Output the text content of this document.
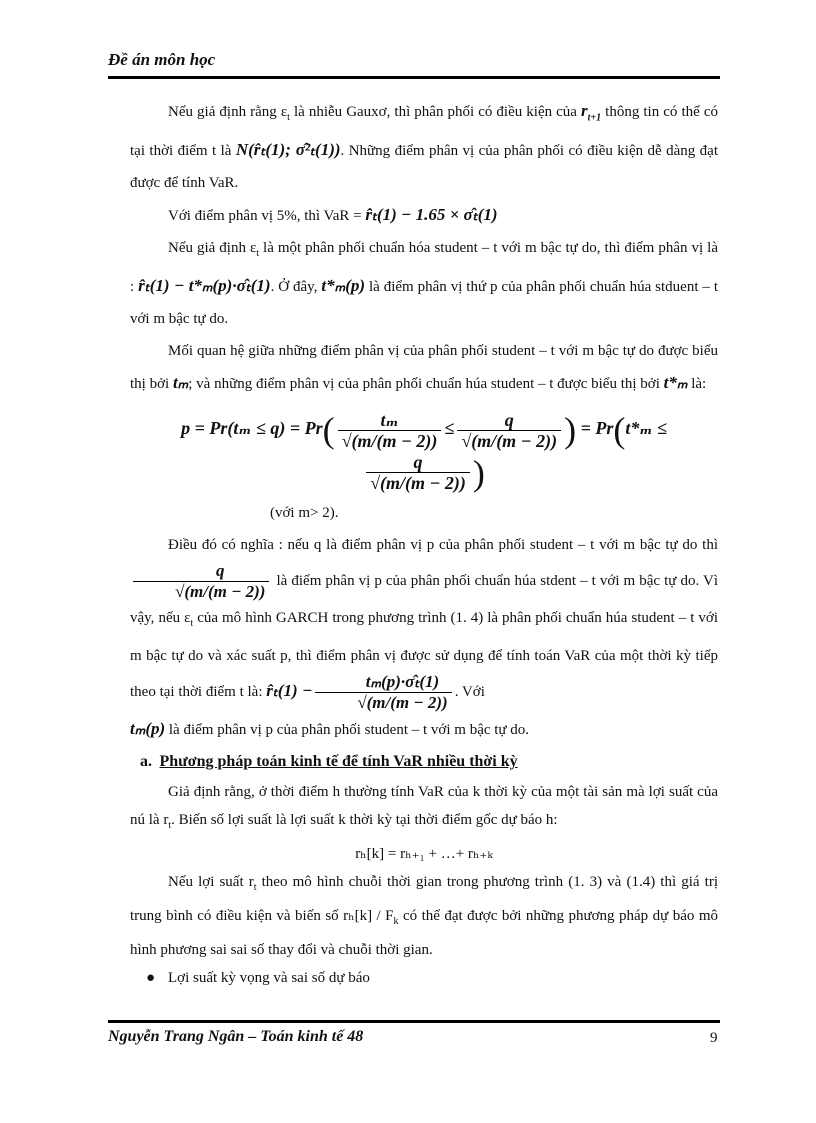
Đề án môn học

Nếu giả định rằng $\varepsilon_t$ là nhiễu Gauxơ, thì phân phối có điều kiện của $r_{t+1}$ thông tin có thể có tại thời điểm t là N(r̂ₜ(1); σ̂²ₜ(1)). Những điểm phân vị của phân phối có điều kiện dễ dàng đạt được để tính VaR.

Với điểm phân vị 5%, thì VaR = r̂ₜ(1) − 1.65 × σ̂ₜ(1)

Nếu giả định $\varepsilon_t$ là một phân phối chuẩn hóa student – t với m bậc tự do, thì điểm phân vị là : r̂ₜ(1) − t*ₘ(p)·σ̂ₜ(1). Ở đây, t*ₘ(p) là điểm phân vị thứ p của phân phối chuẩn húa stduent – t với m bậc tự do.

Mối quan hệ giữa những điểm phân vị của phân phối student – t với m bậc tự do được biểu thị bởi tₘ; và những điểm phân vị của phân phối chuẩn húa student – t được biểu thị bởi t*ₘ là:

$p = Pr(t_m \le q) = Pr( \frac{\text{tₘ}}{√(m/(m - 2))} \le \frac{q}{√(m/(m - 2))}$ ) = Pr(t*ₘ ≤
$\frac{q}{√(m/(m - 2))}$ )

(với m> 2).

Điều đó có nghĩa : nếu q là điểm phân vị p của phân phối student – t với m bậc tự do thì
$\frac{q}{√(m/(m - 2))}$ là điểm phân vị p của phân phối chuẩn húa stdent – t với m bậc tự do. Vì vậy, nếu $\varepsilon_t$ của mô hình GARCH trong phương trình (1. 4) là phân phối chuẩn húa student – t với m bậc tự do và xác suất p, thì điểm phân vị được sử dụng để tính toán VaR của một thời kỳ tiếp theo tại thời điểm t là: r̂ₜ(1) − $\frac{\text{tₘ(p)·σ̂ₜ(1)}}{√(m/(m - 2))}$ . Với

tₘ(p) là điểm phân vị p của phân phối student – t với m bậc tự do.

a. Phương pháp toán kinh tế để tính VaR nhiều thời kỳ

Giả định rằng, ở thời điểm h thường tính VaR của k thời kỳ của một tài sản mà lợi suất của nú là $r_t$. Biến số lợi suất là lợi suất k thời kỳ tại thời điểm gốc dự báo h:

rₕ[k] = rₕ₊₁ + …+ rₕ₊ₖ

Nếu lợi suất $r_t$ theo mô hình chuỗi thời gian trong phương trình (1. 3) và (1.4) thì giá trị trung bình có điều kiện và biến số $r_h[k] / F_k$ có thể đạt được bởi những phương pháp dự báo mô hình phương sai sai số thay đổi và chuỗi thời gian.

● Lợi suất kỳ vọng và sai số dự báo

Nguyễn Trang Ngân – Toán kinh tế 48	9
